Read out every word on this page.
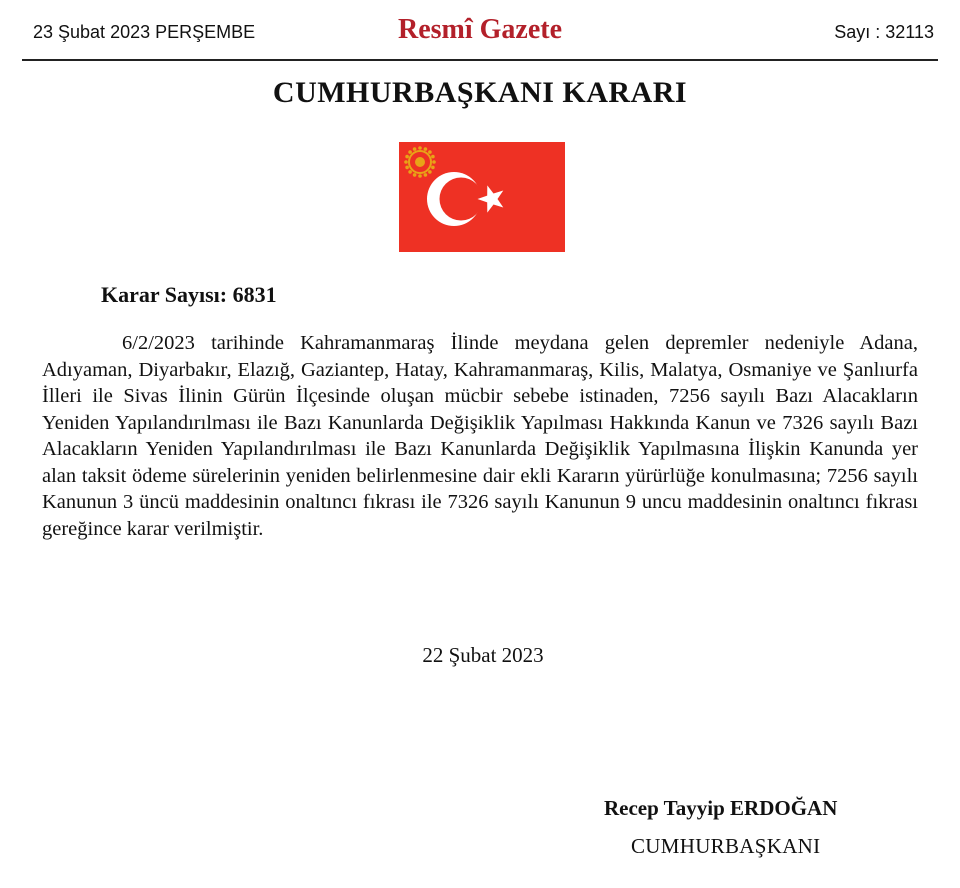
23 Şubat 2023 PERŞEMBE	Resmî Gazete	Sayı : 32113
CUMHURBAŞKANI KARARI
Karar Sayısı: 6831

6/2/2023 tarihinde Kahramanmaraş İlinde meydana gelen depremler nedeniyle Adana, Adıyaman, Diyarbakır, Elazığ, Gaziantep, Hatay, Kahramanmaraş, Kilis, Malatya, Osmaniye ve Şanlıurfa İlleri ile Sivas İlinin Gürün İlçesinde oluşan mücbir sebebe istinaden, 7256 sayılı Bazı Alacakların Yeniden Yapılandırılması ile Bazı Kanunlarda Değişiklik Yapılması Hakkında Kanun ve 7326 sayılı Bazı Alacakların Yeniden Yapılandırılması ile Bazı Kanunlarda Değişiklik Yapılmasına İlişkin Kanunda yer alan taksit ödeme sürelerinin yeniden belirlenmesine dair ekli Kararın yürürlüğe konulmasına; 7256 sayılı Kanunun 3 üncü maddesinin onaltıncı fıkrası ile 7326 sayılı Kanunun 9 uncu maddesinin onaltıncı fıkrası gereğince karar verilmiştir.

22 Şubat 2023
Recep Tayyip ERDOĞAN
CUMHURBAŞKANI
